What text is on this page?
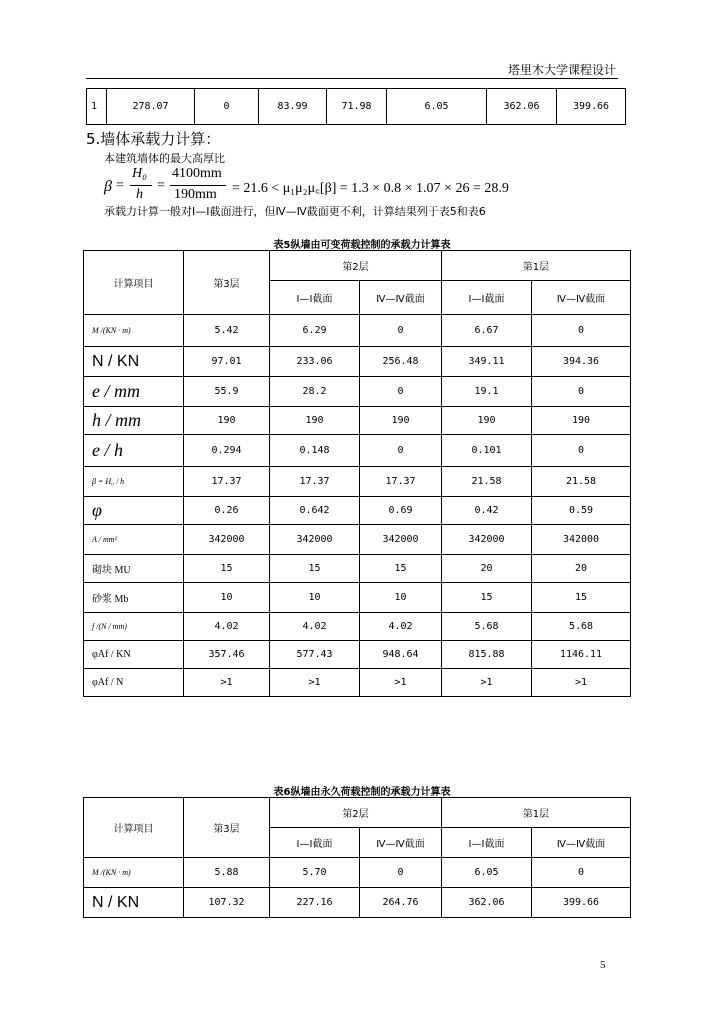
塔里木大学课程设计
1	278.07	0	83.99	71.98	6.05	362.06	399.66
5.墙体承载力计算：
本建筑墙体的最大高厚比
β =
H₀
h
=
4100mm
190mm = 21.6 < μ₁μ₂μ꜀[β] = 1.3 × 0.8 × 1.07 × 26 = 28.9
承载力计算一般对Ⅰ—Ⅰ截面进行，但Ⅳ—Ⅳ截面更不利，计算结果列于表5和表6
表5纵墙由可变荷载控制的承载力计算表
计算项目	第3层	第2层		第1层	
		Ⅰ—Ⅰ截面	Ⅳ—Ⅳ截面	Ⅰ—Ⅰ截面	Ⅳ—Ⅳ截面
M /(KN · m)	5.42	6.29	0	6.67	0
N / KN	97.01	233.06	256.48	349.11	394.36
e / mm	55.9	28.2	0	19.1	0
h / mm	190	190	190	190	190
e / h	0.294	0.148	0	0.101	0
β = H₀ / h	17.37	17.37	17.37	21.58	21.58
φ	0.26	0.642	0.69	0.42	0.59
A / mm²	342000	342000	342000	342000	342000
砌块 MU	15	15	15	20	20
砂浆 Mb	10	10	10	15	15
f /(N / mm)	4.02	4.02	4.02	5.68	5.68
φAf / KN	357.46	577.43	948.64	815.88	1146.11
φAf / N	>1	>1	>1	>1	>1
表6纵墙由永久荷载控制的承载力计算表
计算项目	第3层	第2层		第1层	
		Ⅰ—Ⅰ截面	Ⅳ—Ⅳ截面	Ⅰ—Ⅰ截面	Ⅳ—Ⅳ截面
M /(KN · m)	5.88	5.70	0	6.05	0
N / KN	107.32	227.16	264.76	362.06	399.66
5
